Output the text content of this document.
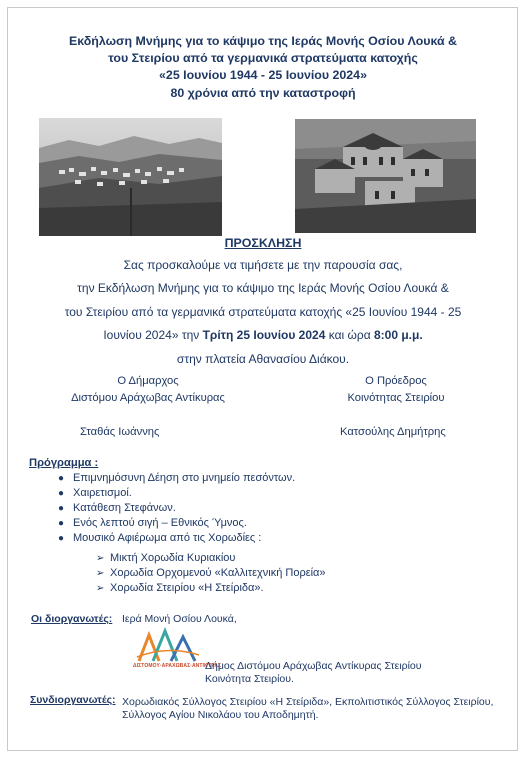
Εκδήλωση Μνήμης για το κάψιμο της Ιεράς Μονής Οσίου Λουκά &
του Στειρίου από τα γερμανικά στρατεύματα κατοχής
«25 Ιουνίου 1944 - 25 Ιουνίου 2024»
80 χρόνια από την καταστροφή
ΠΡΟΣΚΛΗΣΗ
Σας προσκαλούμε να τιμήσετε με την παρουσία σας,
την Εκδήλωση Μνήμης για το κάψιμο της Ιεράς Μονής Οσίου Λουκά &
του Στειρίου από τα γερμανικά στρατεύματα κατοχής «25 Ιουνίου 1944 - 25
Ιουνίου 2024» την Τρίτη 25 Ιουνίου 2024 και ώρα 8:00 μ.μ.
στην πλατεία Αθανασίου Διάκου.
Ο Δήμαρχος
Διστόμου Αράχωβας Αντίκυρας
Σταθάς Ιωάννης
Ο Πρόεδρος
Κοινότητας Στειρίου
Κατσούλης Δημήτρης
Πρόγραμμα :
● Επιμνημόσυνη Δέηση στο μνημείο πεσόντων.
● Χαιρετισμοί.
● Κατάθεση Στεφάνων.
● Ενός λεπτού σιγή – Εθνικός Ύμνος.
● Μουσικό Αφιέρωμα από τις Χορωδίες :
➢ Μικτή Χορωδία Κυριακίου
➢ Χορωδία Ορχομενού «Καλλιτεχνική Πορεία»
➢ Χορωδία Στειρίου «Η Στείριδα».
Οι διοργανωτές: Ιερά Μονή Οσίου Λουκά,
ΔΙΣΤΟΜΟΥ·ΑΡΑΧΩΒΑΣ·ΑΝΤΙΚΥΡΑΣ
Δήμος Διστόμου Αράχωβας Αντίκυρας Στειρίου
Κοινότητα Στειρίου.
Συνδιοργανωτές: Χορωδιακός Σύλλογος Στειρίου «Η Στείριδα», Εκπολιτιστικός Σύλλογος Στειρίου,
Σύλλογος Αγίου Νικολάου του Αποδημητή.
